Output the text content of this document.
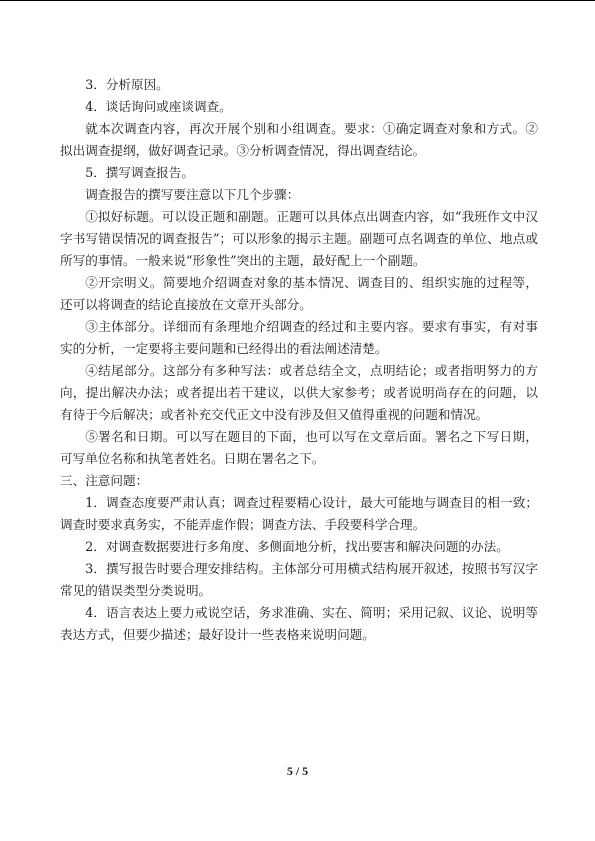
3．分析原因。

4．谈话询问或座谈调查。

就本次调查内容，再次开展个别和小组调查。要求：①确定调查对象和方式。②拟出调查提纲，做好调查记录。③分析调查情况，得出调查结论。

5．撰写调查报告。

调查报告的撰写要注意以下几个步骤：

①拟好标题。可以设正题和副题。正题可以具体点出调查内容，如“我班作文中汉字书写错误情况的调查报告”；可以形象的揭示主题。副题可点名调查的单位、地点或所写的事情。一般来说“形象性”突出的主题，最好配上一个副题。

②开宗明义。简要地介绍调查对象的基本情况、调查目的、组织实施的过程等，还可以将调查的结论直接放在文章开头部分。

③主体部分。详细而有条理地介绍调查的经过和主要内容。要求有事实，有对事实的分析，一定要将主要问题和已经得出的看法阐述清楚。

④结尾部分。这部分有多种写法：或者总结全文，点明结论；或者指明努力的方向，提出解决办法；或者提出若干建议，以供大家参考；或者说明尚存在的问题，以有待于今后解决；或者补充交代正文中没有涉及但又值得重视的问题和情况。

⑤署名和日期。可以写在题目的下面，也可以写在文章后面。署名之下写日期，可写单位名称和执笔者姓名。日期在署名之下。

三、注意问题：

1．调查态度要严肃认真；调查过程要精心设计，最大可能地与调查目的相一致；调查时要求真务实，不能弄虚作假；调查方法、手段要科学合理。

2．对调查数据要进行多角度、多侧面地分析，找出要害和解决问题的办法。

3．撰写报告时要合理安排结构。主体部分可用横式结构展开叙述，按照书写汉字常见的错误类型分类说明。

4．语言表达上要力戒说空话，务求准确、实在、简明；采用记叙、议论、说明等表达方式，但要少描述；最好设计一些表格来说明问题。

5 / 5
